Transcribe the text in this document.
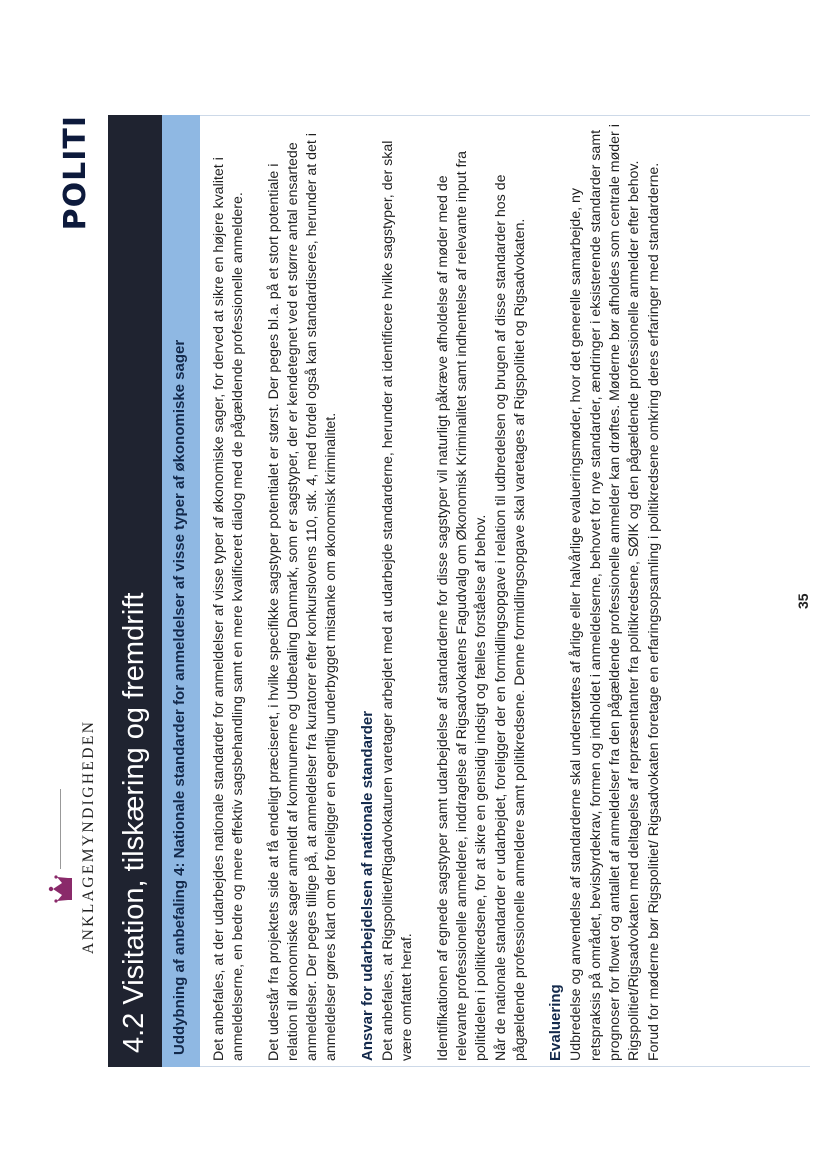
ANKLAGEMYNDIGHEDEN
POLITI
4.2 Visitation, tilskæring og fremdrift Uddybning af anbefaling 4: Nationale standarder for anmeldelser af visse typer af økonomiske sager Det anbefales, at der udarbejdes nationale standarder for anmeldelser af visse typer af økonomiske sager, for derved at sikre en højere kvalitet i anmeldelserne, en bedre og mere effektiv sagsbehandling samt en mere kvalificeret dialog med de pågældende professionelle anmeldere. Det udestår fra projektets side at få endeligt præciseret, i hvilke specifikke sagstyper potentialet er størst. Der peges bl.a. på et stort potentiale i relation til økonomiske sager anmeldt af kommunerne og Udbetaling Danmark, som er sagstyper, der er kendetegnet ved et større antal ensartede anmeldelser. Der peges tillige på, at anmeldelser fra kuratorer efter konkurslovens 110, stk. 4, med fordel også kan standardiseres, herunder at det i anmeldelser gøres klart om der foreligger en egentlig underbygget mistanke om økonomisk kriminalitet. Ansvar for udarbejdelsen af nationale standarder Det anbefales, at Rigspolitiet/Rigadvokaturen varetager arbejdet med at udarbejde standarderne, herunder at identificere hvilke sagstyper, der skal være omfattet heraf. Identifikationen af egnede sagstyper samt udarbejdelse af standarderne for disse sagstyper vil naturligt påkræve afholdelse af møder med de relevante professionelle anmeldere, inddragelse af Rigsadvokatens Fagudvalg om Økonomisk Kriminalitet samt indhentelse af relevante input fra politidelen i politikredsene, for at sikre en gensidig indsigt og fælles forståelse af behov. Når de nationale standarder er udarbejdet, foreligger der en formidlingsopgave i relation til udbredelsen og brugen af disse standarder hos de pågældende professionelle anmeldere samt politikredsene. Denne formidlingsopgave skal varetages af Rigspolitiet og Rigsadvokaten. Evaluering Udbredelse og anvendelse af standarderne skal understøttes af årlige eller halvårlige evalueringsmøder, hvor det generelle samarbejde, ny retspraksis på området, bevisbyrdekrav, formen og indholdet i anmeldelserne, behovet for nye standarder, ændringer i eksisterende standarder samt prognoser for flowet og antallet af anmeldelser fra den pågældende professionelle anmelder kan drøftes. Møderne bør afholdes som centrale møder i Rigspolitiet/Rigsadvokaten med deltagelse af repræsentanter fra politikredsene, SØIK og den pågældende professionelle anmelder efter behov. Forud for møderne bør Rigspolitiet/ Rigsadvokaten foretage en erfaringsopsamling i politikredsene omkring deres erfaringer med standarderne.	35
